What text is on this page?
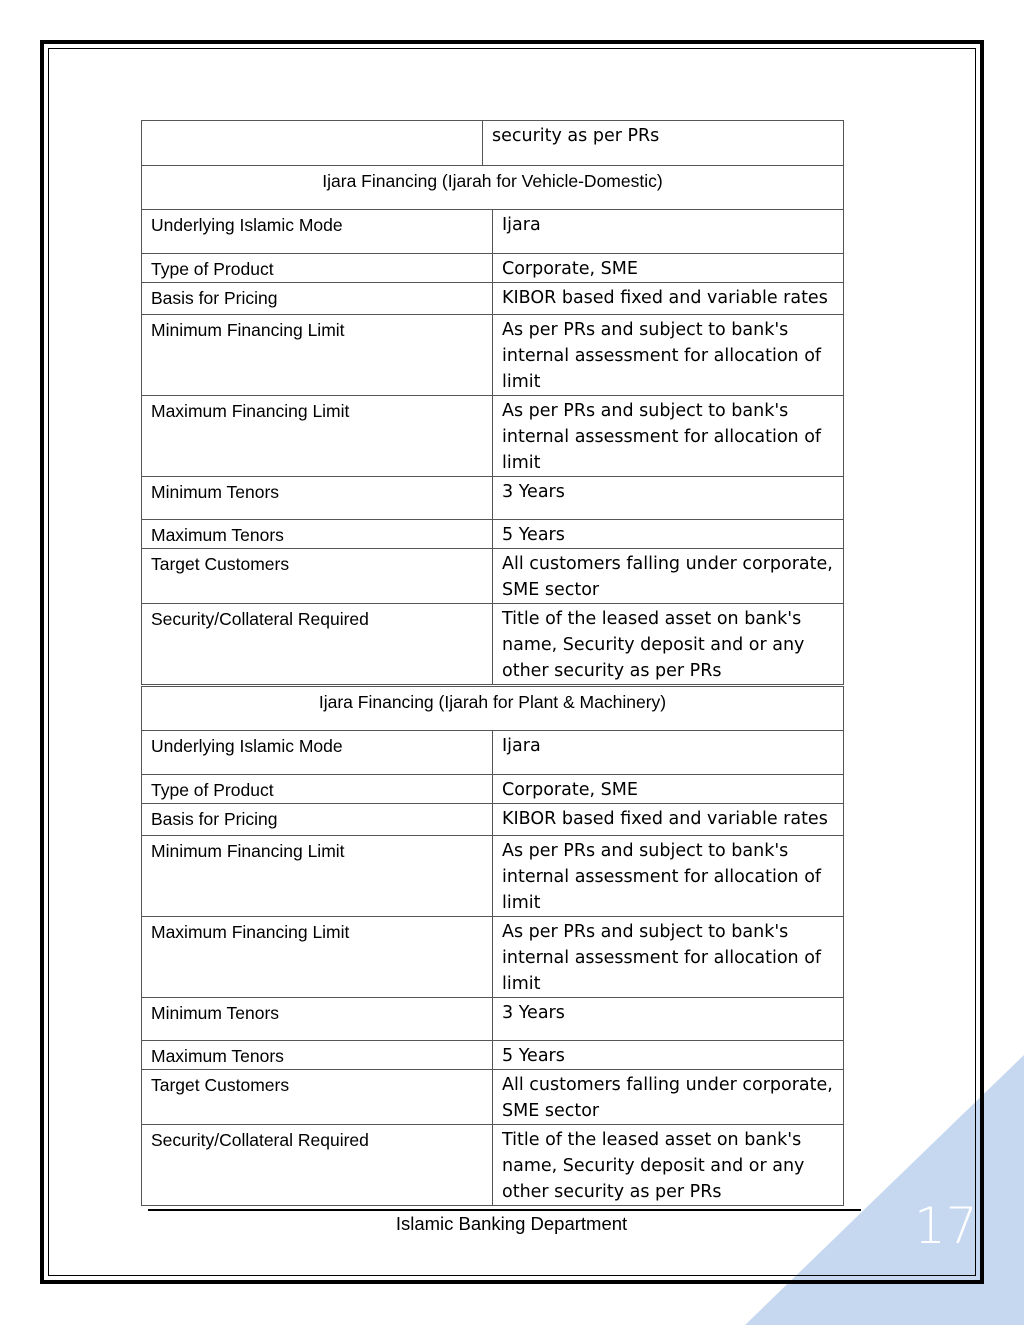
	security as per PRs
Ijara Financing (Ijarah for Vehicle-Domestic)	
Underlying Islamic Mode	Ijara
Type of Product	Corporate, SME
Basis for Pricing	KIBOR based fixed and variable rates
Minimum Financing Limit	As per PRs and subject to bank's internal assessment for allocation of limit
Maximum Financing Limit	As per PRs and subject to bank's internal assessment for allocation of limit
Minimum Tenors	3 Years
Maximum Tenors	5 Years
Target Customers	All customers falling under corporate, SME sector
Security/Collateral Required	Title of the leased asset on bank's name, Security deposit and or any other security as per PRs
Ijara Financing (Ijarah for Plant & Machinery)	
Underlying Islamic Mode	Ijara
Type of Product	Corporate, SME
Basis for Pricing	KIBOR based fixed and variable rates
Minimum Financing Limit	As per PRs and subject to bank's internal assessment for allocation of limit
Maximum Financing Limit	As per PRs and subject to bank's internal assessment for allocation of limit
Minimum Tenors	3 Years
Maximum Tenors	5 Years
Target Customers	All customers falling under corporate, SME sector
Security/Collateral Required	Title of the leased asset on bank's name, Security deposit and or any other security as per PRs
Islamic Banking Department	17
